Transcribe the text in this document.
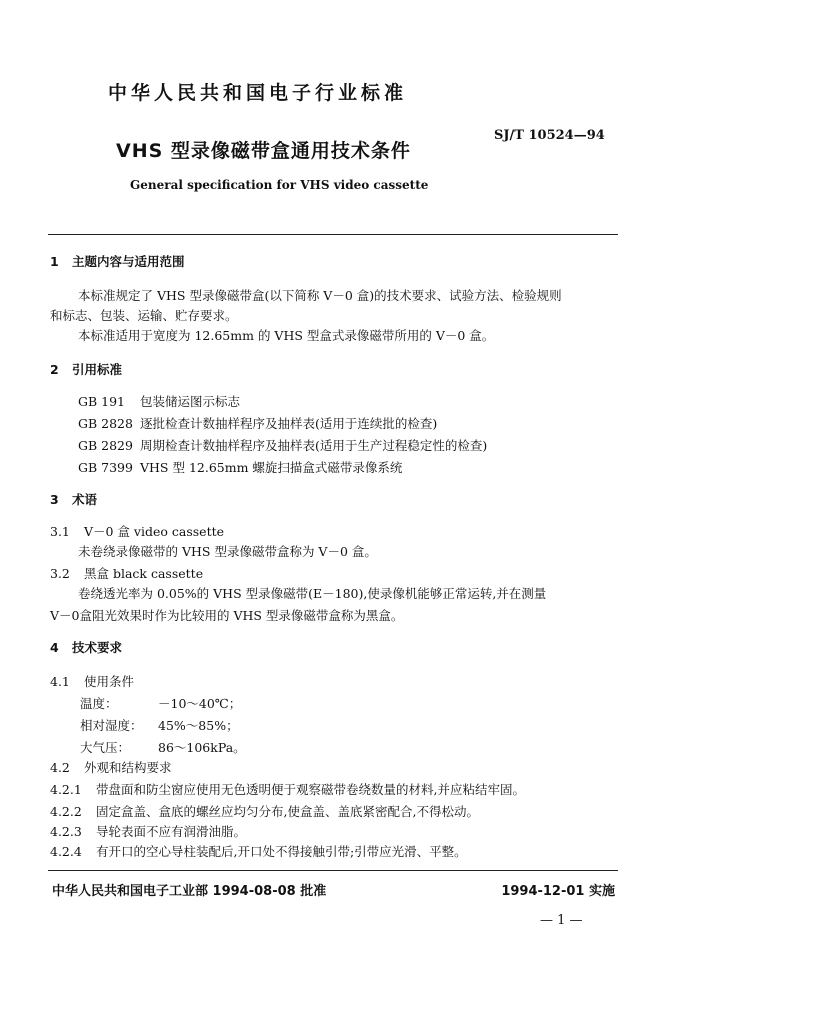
中华人民共和国电子行业标准
VHS 型录像磁带盒通用技术条件
SJ/T 10524—94
General specification for VHS video cassette
1 主题内容与适用范围
本标准规定了 VHS 型录像磁带盒(以下简称 V－0 盒)的技术要求、试验方法、检验规则
和标志、包装、运输、贮存要求。
本标准适用于宽度为 12.65mm 的 VHS 型盒式录像磁带所用的 V－0 盒。
2 引用标准
GB 191 包装储运图示标志
GB 2828 逐批检查计数抽样程序及抽样表(适用于连续批的检查)
GB 2829 周期检查计数抽样程序及抽样表(适用于生产过程稳定性的检查)
GB 7399 VHS 型 12.65mm 螺旋扫描盒式磁带录像系统
3 术语
3.1 V－0 盒 video cassette
未卷绕录像磁带的 VHS 型录像磁带盒称为 V－0 盒。
3.2 黑盒 black cassette
卷绕透光率为 0.05%的 VHS 型录像磁带(E－180),使录像机能够正常运转,并在测量
V－0盒阻光效果时作为比较用的 VHS 型录像磁带盒称为黑盒。
4 技术要求
4.1 使用条件
温度：	－10～40℃；
相对湿度： 45%～85%；
大气压： 86～106kPa。
4.2 外观和结构要求
4.2.1 带盘面和防尘窗应使用无色透明便于观察磁带卷绕数量的材料,并应粘结牢固。
4.2.2 固定盒盖、盒底的螺丝应均匀分布,使盒盖、盖底紧密配合,不得松动。
4.2.3 导轮表面不应有润滑油脂。
4.2.4 有开口的空心导柱装配后,开口处不得接触引带;引带应光滑、平整。
中华人民共和国电子工业部 1994-08-08 批准	1994-12-01 实施
— 1 —
